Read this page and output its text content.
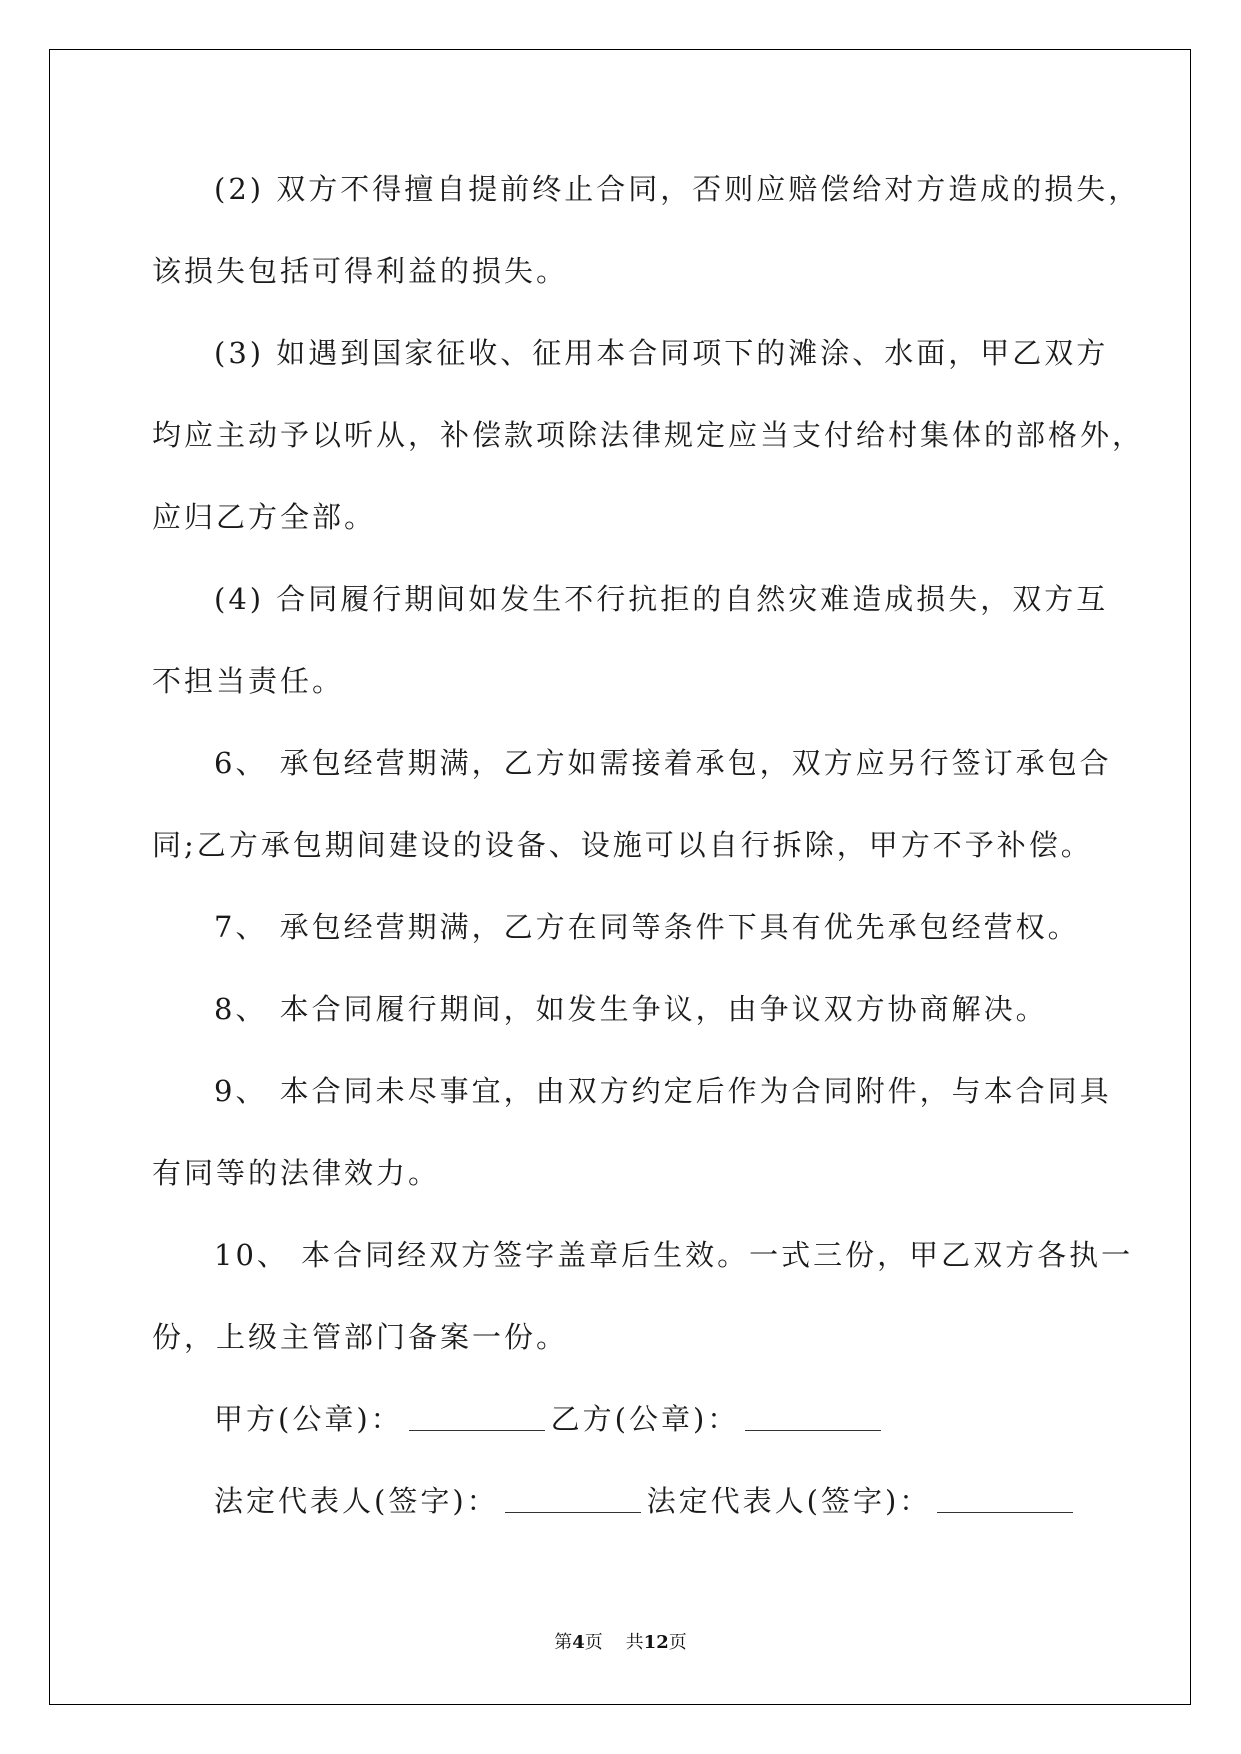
(2) 双方不得擅自提前终止合同，否则应赔偿给对方造成的损失，
该损失包括可得利益的损失。
(3) 如遇到国家征收、征用本合同项下的滩涂、水面，甲乙双方
均应主动予以听从，补偿款项除法律规定应当支付给村集体的部格外，
应归乙方全部。
(4) 合同履行期间如发生不行抗拒的自然灾难造成损失，双方互
不担当责任。
6、 承包经营期满，乙方如需接着承包，双方应另行签订承包合
同;乙方承包期间建设的设备、设施可以自行拆除，甲方不予补偿。
7、 承包经营期满，乙方在同等条件下具有优先承包经营权。
8、 本合同履行期间，如发生争议，由争议双方协商解决。
9、 本合同未尽事宜，由双方约定后作为合同附件，与本合同具
有同等的法律效力。
10、 本合同经双方签字盖章后生效。一式三份，甲乙双方各执一
份，上级主管部门备案一份。
甲方(公章)：	乙方(公章)：
法定代表人(签字)：	法定代表人(签字)：
第4页 共12页
